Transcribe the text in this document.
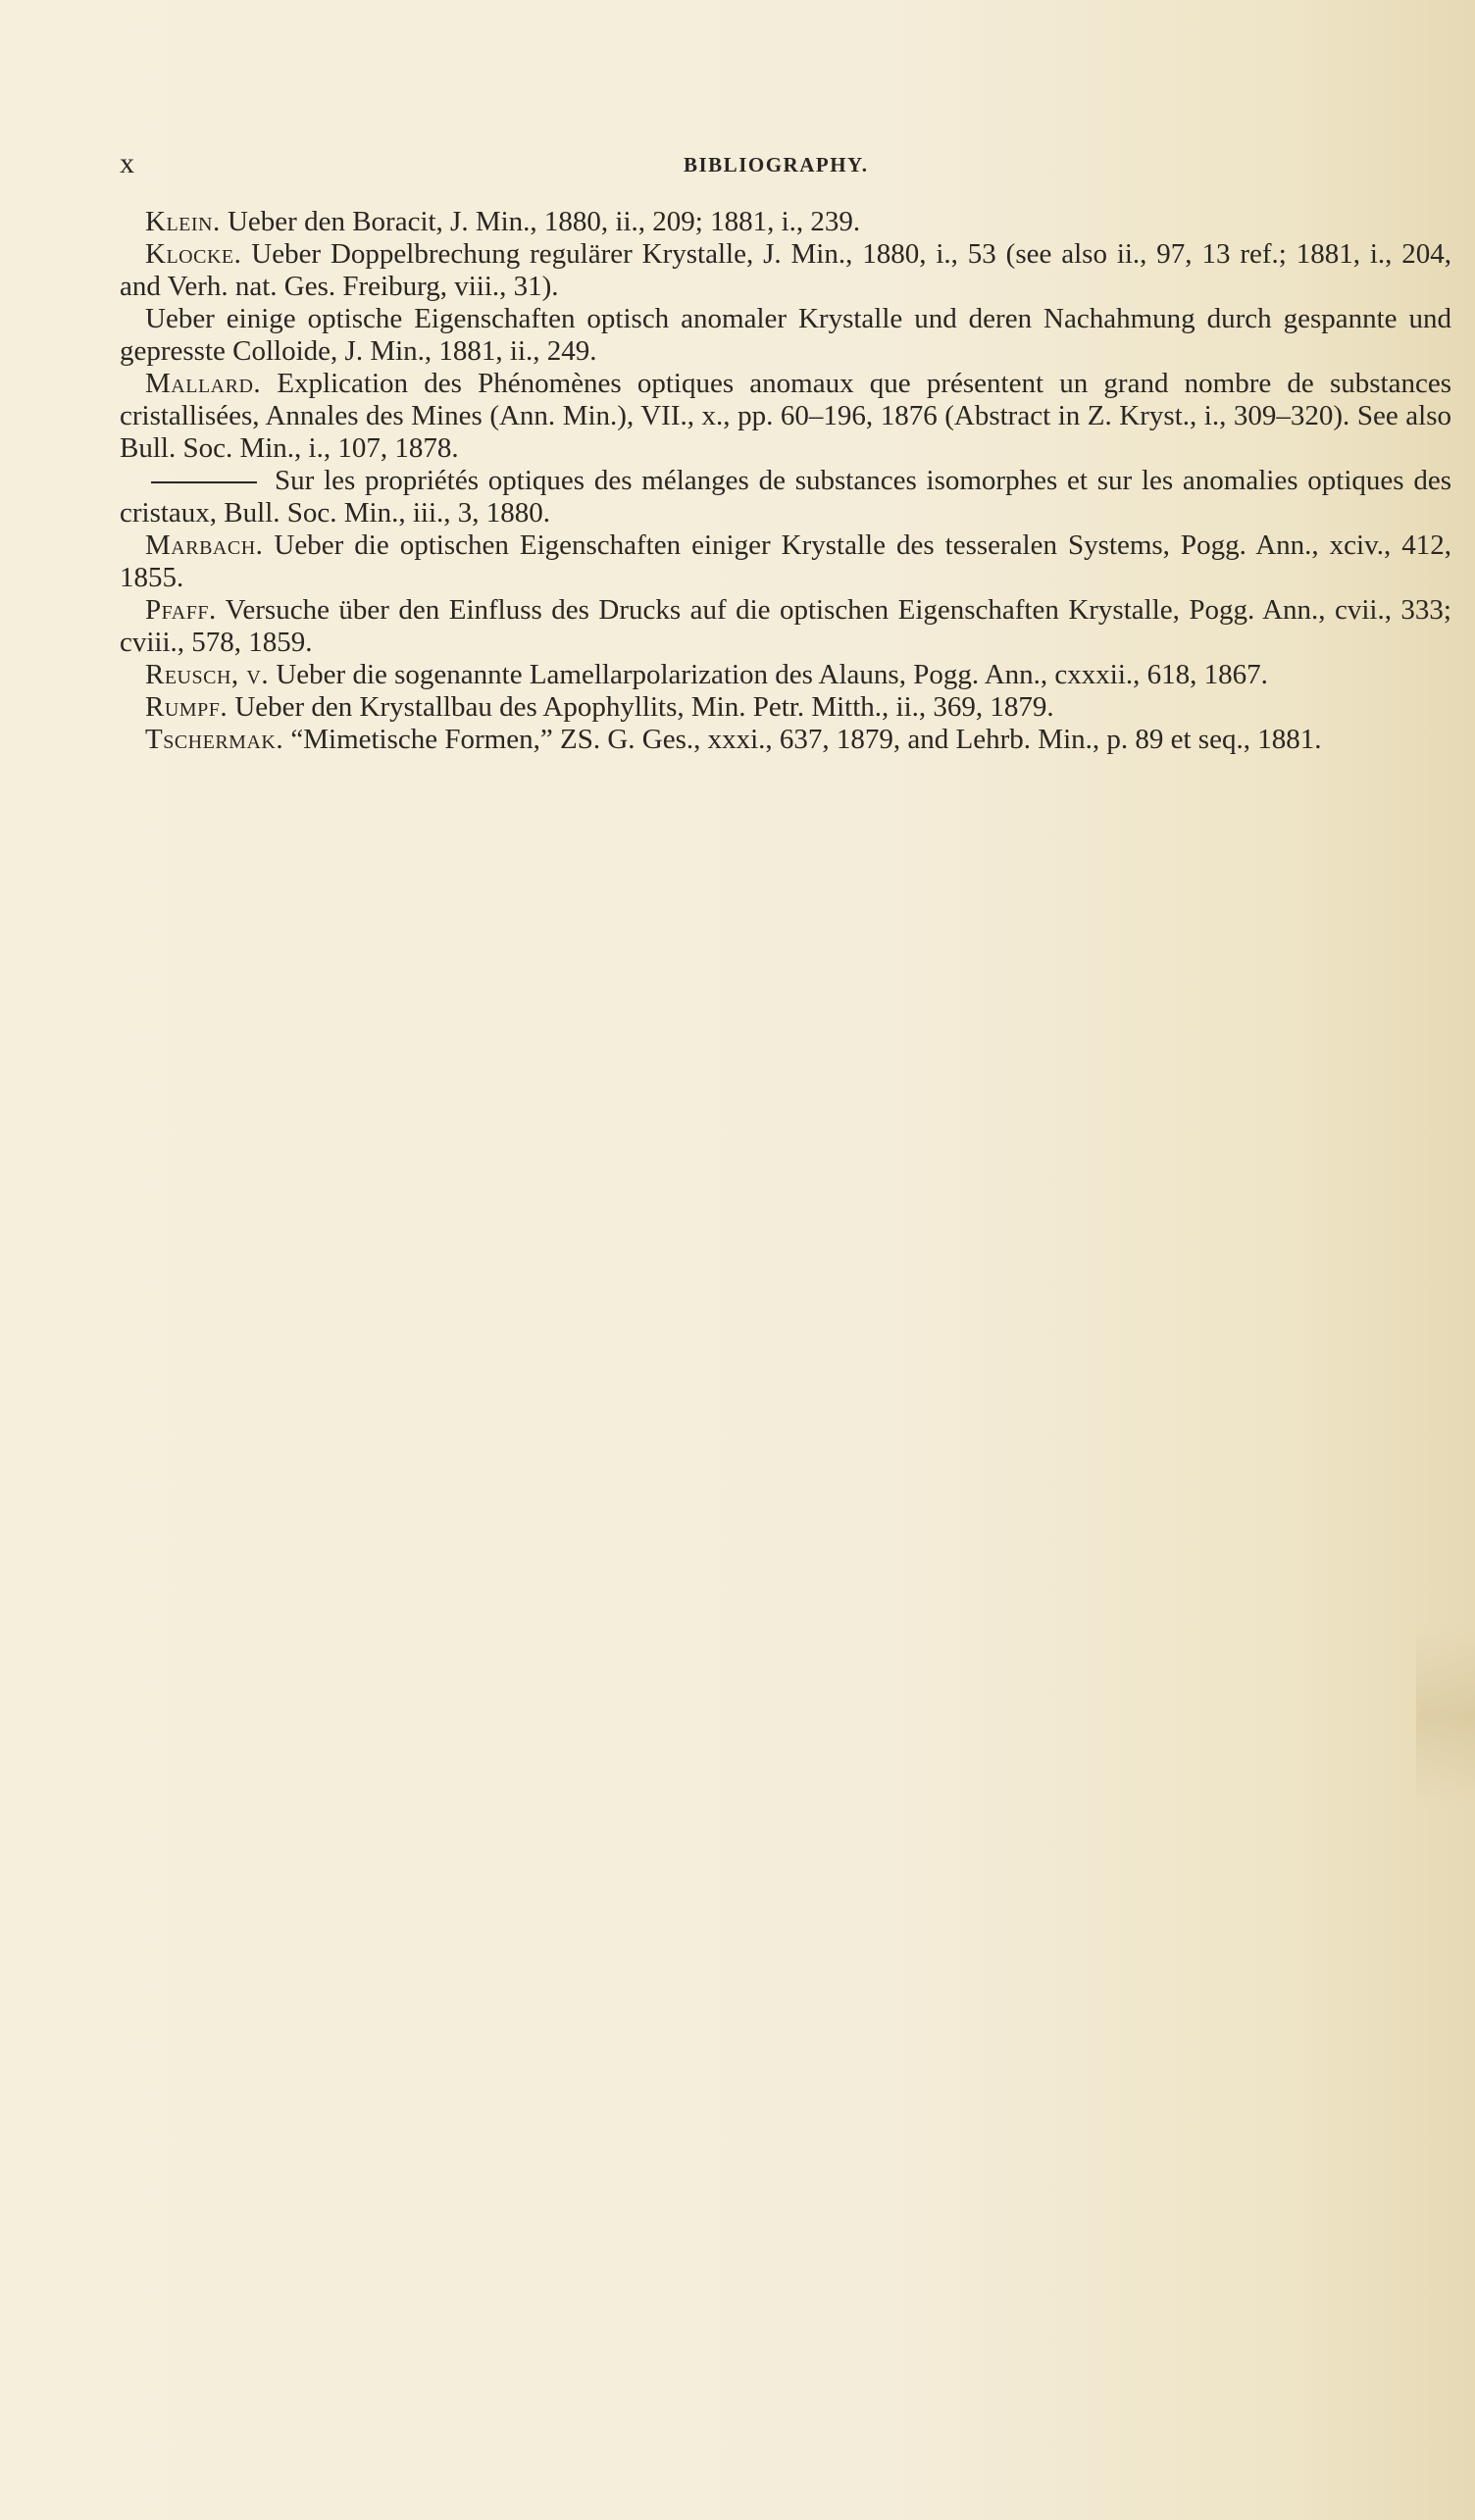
x	BIBLIOGRAPHY.

Klein. Ueber den Boracit, J. Min., 1880, ii., 209; 1881, i., 239.

Klocke. Ueber Doppelbrechung regulärer Krystalle, J. Min., 1880, i., 53 (see also ii., 97, 13 ref.; 1881, i., 204, and Verh. nat. Ges. Freiburg, viii., 31).

Ueber einige optische Eigenschaften optisch anomaler Krystalle und deren Nachahmung durch gespannte und gepresste Colloide, J. Min., 1881, ii., 249.

Mallard. Explication des Phénomènes optiques anomaux que présentent un grand nombre de substances cristallisées, Annales des Mines (Ann. Min.), VII., x., pp. 60–196, 1876 (Abstract in Z. Kryst., i., 309–320). See also Bull. Soc. Min., i., 107, 1878.

Sur les propriétés optiques des mélanges de substances isomorphes et sur les anomalies optiques des cristaux, Bull. Soc. Min., iii., 3, 1880.

Marbach. Ueber die optischen Eigenschaften einiger Krystalle des tesseralen Systems, Pogg. Ann., xciv., 412, 1855.

Pfaff. Versuche über den Einfluss des Drucks auf die optischen Eigenschaften Krystalle, Pogg. Ann., cvii., 333; cviii., 578, 1859.

Reusch, v. Ueber die sogenannte Lamellarpolarization des Alauns, Pogg. Ann., cxxxii., 618, 1867.

Rumpf. Ueber den Krystallbau des Apophyllits, Min. Petr. Mitth., ii., 369, 1879.

Tschermak. “Mimetische Formen,” ZS. G. Ges., xxxi., 637, 1879, and Lehrb. Min., p. 89 et seq., 1881.
